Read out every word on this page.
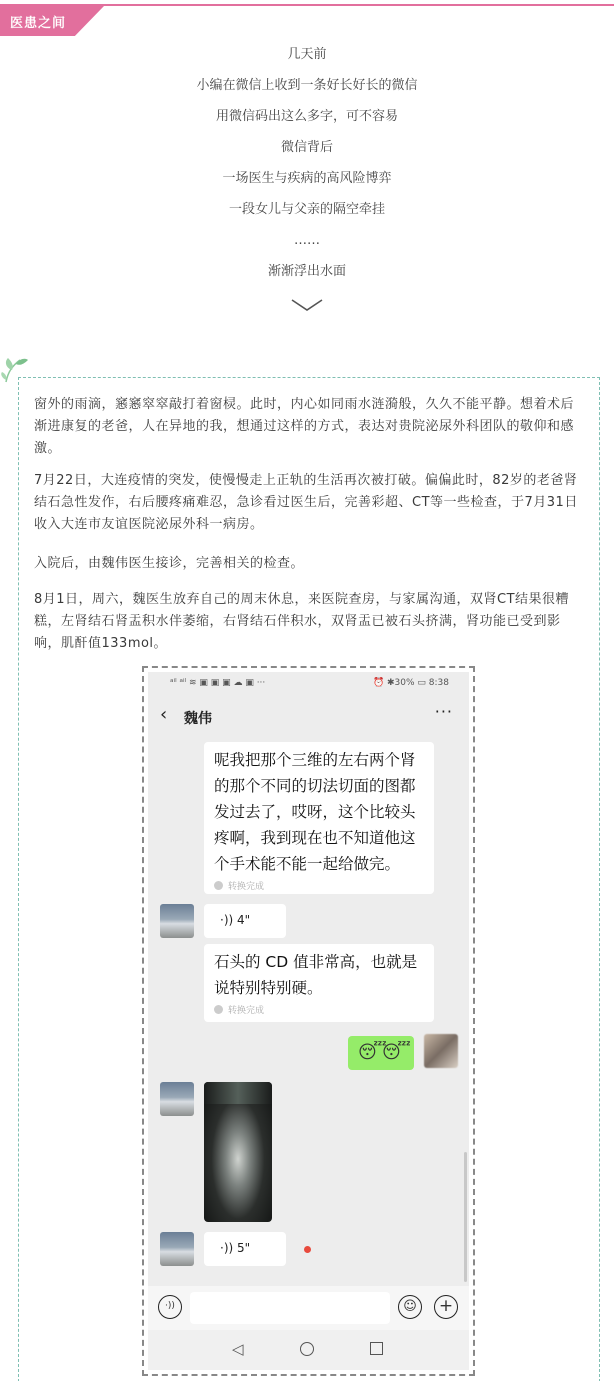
医患之间
几天前
小编在微信上收到一条好长好长的微信
用微信码出这么多字，可不容易
微信背后
一场医生与疾病的高风险博弈
一段女儿与父亲的隔空牵挂
……
渐渐浮出水面

窗外的雨滴，窸窸窣窣敲打着窗棂。此时，内心如同雨水涟漪般，久久不能平静。想着术后渐进康复的老爸，人在异地的我，想通过这样的方式，表达对贵院泌尿外科团队的敬仰和感激。

7月22日，大连疫情的突发，使慢慢走上正轨的生活再次被打破。偏偏此时，82岁的老爸肾结石急性发作，右后腰疼痛难忍，急诊看过医生后，完善彩超、CT等一些检查，于7月31日收入大连市友谊医院泌尿外科一病房。

入院后，由魏伟医生接诊，完善相关的检查。

8月1日，周六，魏医生放弃自己的周末休息，来医院查房，与家属沟通，双肾CT结果很糟糕，左肾结石肾盂积水伴萎缩，右肾结石伴积水，双肾盂已被石头挤满，肾功能已受到影响，肌酐值133mol。

ᵃⁱˡ ᵃⁱˡ ≋ ▣ ▣ ▣ ☁ ▣ ···	⏰ ✱30% ▭ 8:38
‹ 魏伟	···
呢我把那个三维的左右两个肾的那个不同的切法切面的图都发过去了，哎呀，这个比较头疼啊，我到现在也不知道他这个手术能不能一起给做完。
转换完成
·)) 4"
石头的 CD 值非常高，也就是说特别特别硬。
转换完成
😴
😴
·)) 5"
·))	☺	+
◁
